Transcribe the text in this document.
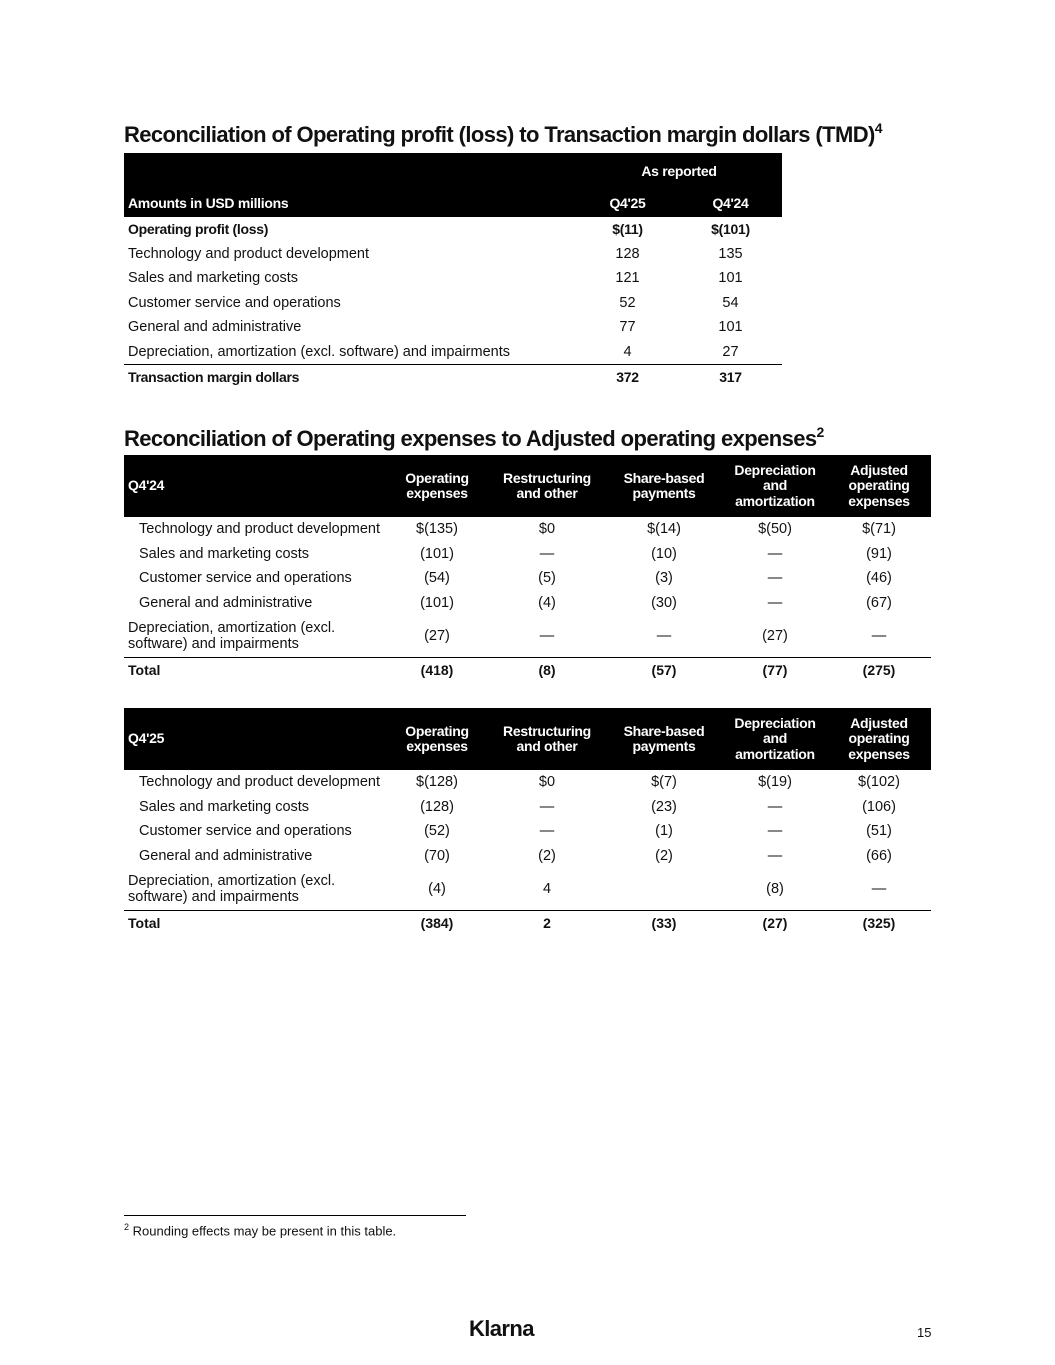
Reconciliation of Operating profit (loss) to Transaction margin dollars (TMD)$^4$
	As reported	
Amounts in USD millions	Q4'25	Q4'24
Operating profit (loss)	$(11)	$(101)
Technology and product development	128	135
Sales and marketing costs	121	101
Customer service and operations	52	54
General and administrative	77	101
Depreciation, amortization (excl. software) and impairments	4	27
Transaction margin dollars	372	317
Reconciliation of Operating expenses to Adjusted operating expenses$^2$
Q4'24	Operating expenses	Restructuring and other	Share-based payments	Depreciation and amortization	Adjusted operating expenses
Technology and product development	$(135)	$0	$(14)	$(50)	$(71)
Sales and marketing costs	(101)	—	(10)	—	(91)
Customer service and operations	(54)	(5)	(3)	—	(46)
General and administrative	(101)	(4)	(30)	—	(67)
Depreciation, amortization (excl. software) and impairments	(27)	—	—	(27)	—
Total	(418)	(8)	(57)	(77)	(275)
Q4'25	Operating expenses	Restructuring and other	Share-based payments	Depreciation and amortization	Adjusted operating expenses
Technology and product development	$(128)	$0	$(7)	$(19)	$(102)
Sales and marketing costs	(128)	—	(23)	—	(106)
Customer service and operations	(52)	—	(1)	—	(51)
General and administrative	(70)	(2)	(2)	—	(66)
Depreciation, amortization (excl. software) and impairments	(4)	4		(8)	—
Total	(384)	2	(33)	(27)	(325)
$^2$ Rounding effects may be present in this table.
Klarna	15
